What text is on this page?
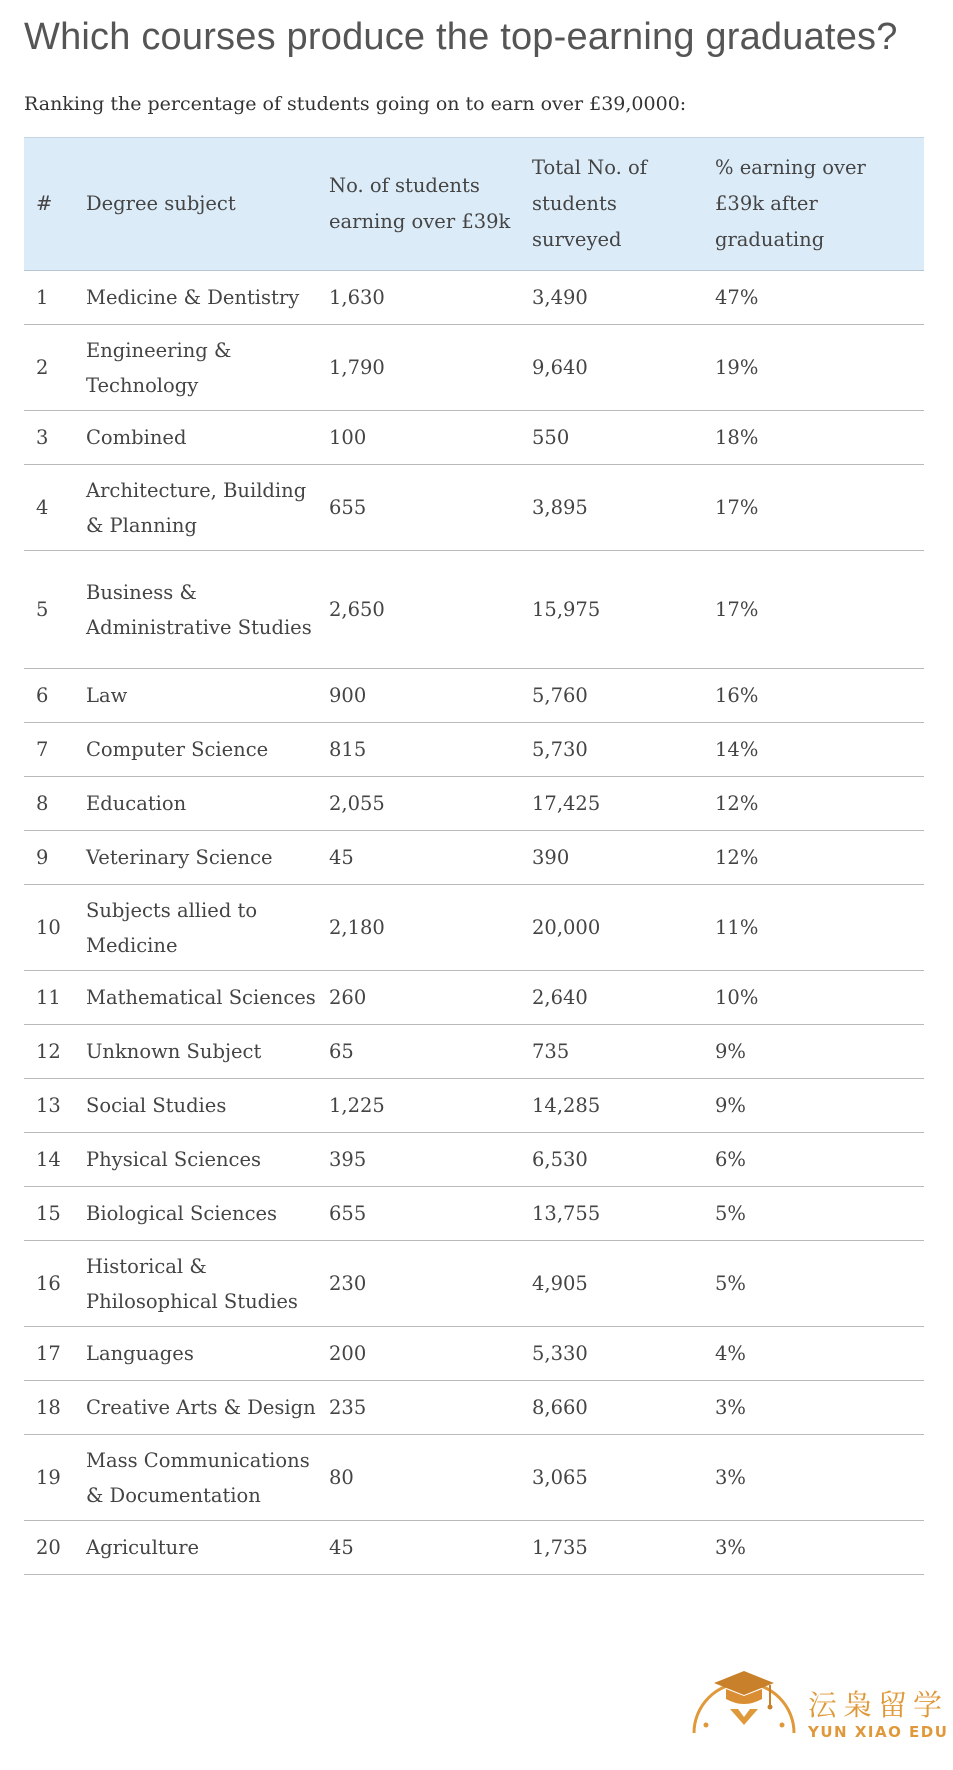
Which courses produce the top-earning graduates?
Ranking the percentage of students going on to earn over £39,0000:
#	Degree subject	No. of students earning over £39k	Total No. of students surveyed	% earning over £39k after graduating
1	Medicine & Dentistry	1,630	3,490	47%
2	Engineering & Technology	1,790	9,640	19%
3	Combined	100	550	18%
4	Architecture, Building & Planning	655	3,895	17%
5	Business & Administrative Studies	2,650	15,975	17%
6	Law	900	5,760	16%
7	Computer Science	815	5,730	14%
8	Education	2,055	17,425	12%
9	Veterinary Science	45	390	12%
10	Subjects allied to Medicine	2,180	20,000	11%
11	Mathematical Sciences	260	2,640	10%
12	Unknown Subject	65	735	9%
13	Social Studies	1,225	14,285	9%
14	Physical Sciences	395	6,530	6%
15	Biological Sciences	655	13,755	5%
16	Historical & Philosophical Studies	230	4,905	5%
17	Languages	200	5,330	4%
18	Creative Arts & Design	235	8,660	3%
19	Mass Communications & Documentation	80	3,065	3%
20	Agriculture	45	1,735	3%
沄枭留学
YUN XIAO EDU
